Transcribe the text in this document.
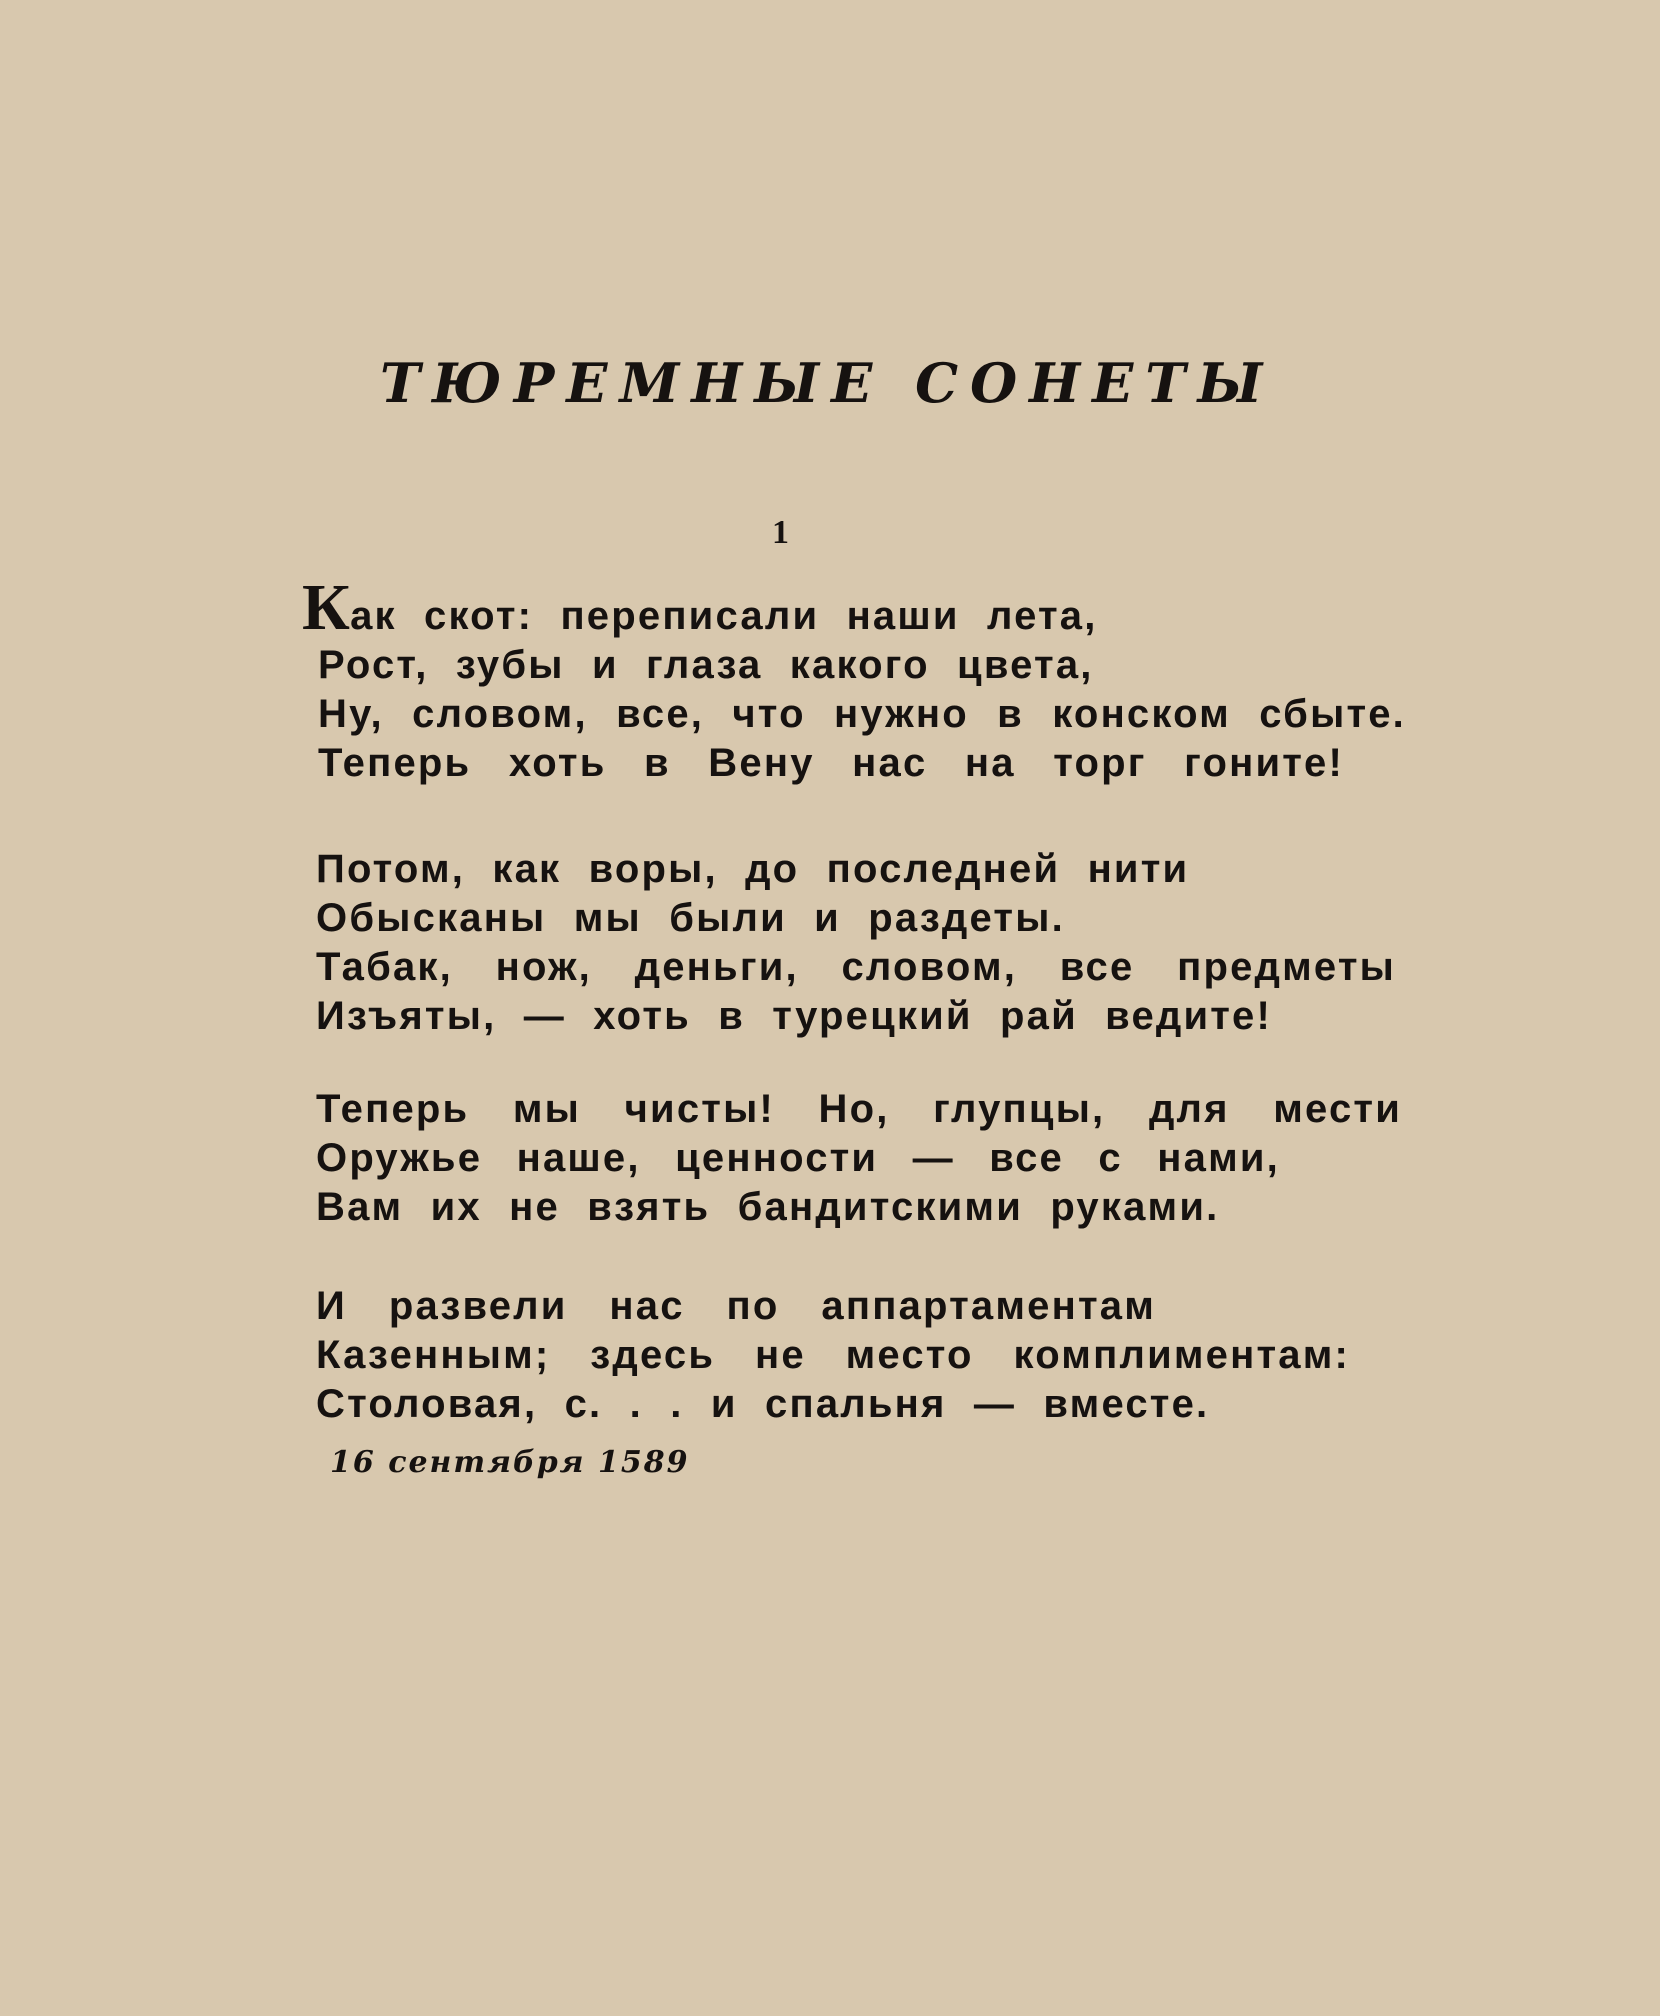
ТЮРЕМНЫЕ СОНЕТЫ
1
Как скот: переписали наши лета,
Рост, зубы и глаза какого цвета,
Ну, словом, все, что нужно в конском сбыте.
Теперь хоть в Вену нас на торг гоните!
Потом, как воры, до последней нити
Обысканы мы были и раздеты.
Табак, нож, деньги, словом, все предметы
Изъяты, — хоть в турецкий рай ведите!
Теперь мы чисты! Но, глупцы, для мести
Оружье наше, ценности — все с нами,
Вам их не взять бандитскими руками.
И развели нас по аппартаментам
Казенным; здесь не место комплиментам:
Столовая, с. . . и спальня — вместе.
16 сентября 1589
